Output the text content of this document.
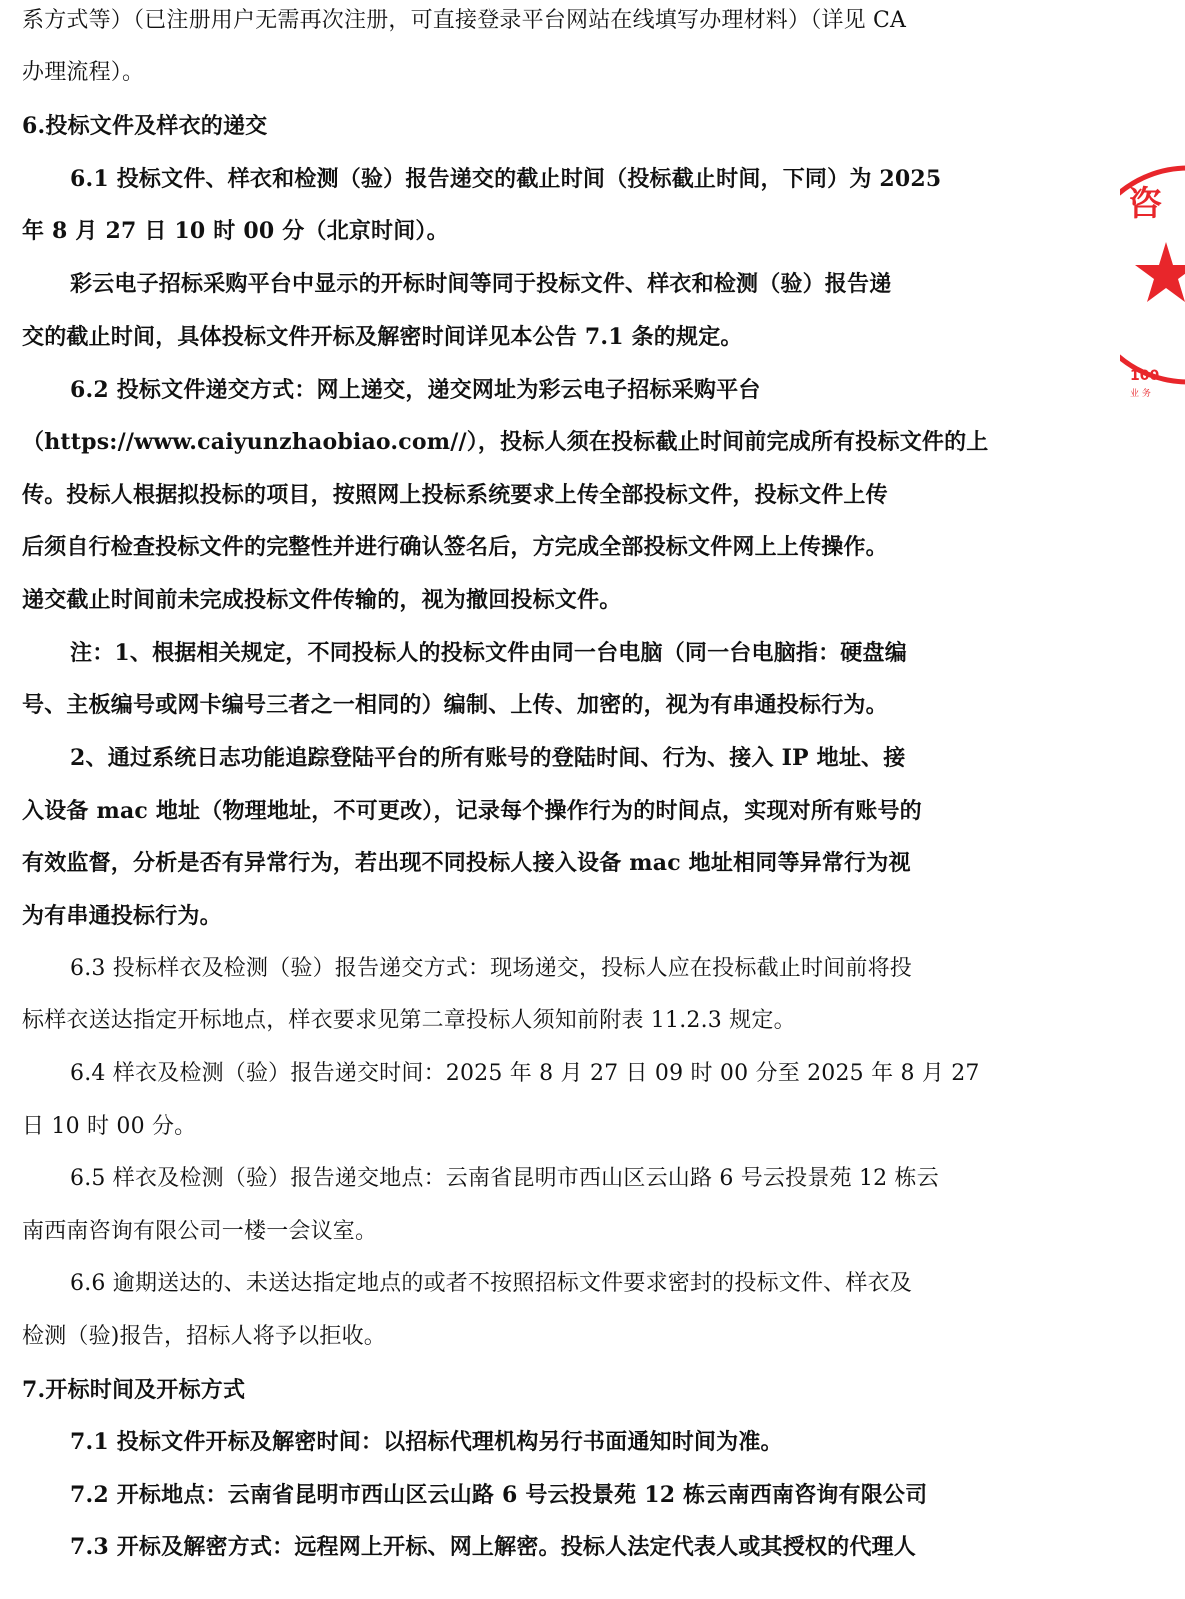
系方式等）（已注册用户无需再次注册，可直接登录平台网站在线填写办理材料）（详见 CA
办理流程）。
6.投标文件及样衣的递交
6.1 投标文件、样衣和检测（验）报告递交的截止时间（投标截止时间，下同）为 2025
年 8 月 27 日 10 时 00 分（北京时间）。
彩云电子招标采购平台中显示的开标时间等同于投标文件、样衣和检测（验）报告递
交的截止时间，具体投标文件开标及解密时间详见本公告 7.1 条的规定。
6.2 投标文件递交方式：网上递交，递交网址为彩云电子招标采购平台
（https://www.caiyunzhaobiao.com//），投标人须在投标截止时间前完成所有投标文件的上
传。投标人根据拟投标的项目，按照网上投标系统要求上传全部投标文件，投标文件上传
后须自行检查投标文件的完整性并进行确认签名后，方完成全部投标文件网上上传操作。
递交截止时间前未完成投标文件传输的，视为撤回投标文件。
注：1、根据相关规定，不同投标人的投标文件由同一台电脑（同一台电脑指：硬盘编
号、主板编号或网卡编号三者之一相同的）编制、上传、加密的，视为有串通投标行为。
2、通过系统日志功能追踪登陆平台的所有账号的登陆时间、行为、接入 IP 地址、接
入设备 mac 地址（物理地址，不可更改），记录每个操作行为的时间点，实现对所有账号的
有效监督，分析是否有异常行为，若出现不同投标人接入设备 mac 地址相同等异常行为视
为有串通投标行为。
6.3 投标样衣及检测（验）报告递交方式：现场递交，投标人应在投标截止时间前将投
标样衣送达指定开标地点，样衣要求见第二章投标人须知前附表 11.2.3 规定。
6.4 样衣及检测（验）报告递交时间：2025 年 8 月 27 日 09 时 00 分至 2025 年 8 月 27
日 10 时 00 分。
6.5 样衣及检测（验）报告递交地点：云南省昆明市西山区云山路 6 号云投景苑 12 栋云
南西南咨询有限公司一楼一会议室。
6.6 逾期送达的、未送达指定地点的或者不按照招标文件要求密封的投标文件、样衣及
检测（验)报告，招标人将予以拒收。
7.开标时间及开标方式
7.1 投标文件开标及解密时间：以招标代理机构另行书面通知时间为准。
7.2 开标地点：云南省昆明市西山区云山路 6 号云投景苑 12 栋云南西南咨询有限公司
7.3 开标及解密方式：远程网上开标、网上解密。投标人法定代表人或其授权的代理人
咨
100
业 务
